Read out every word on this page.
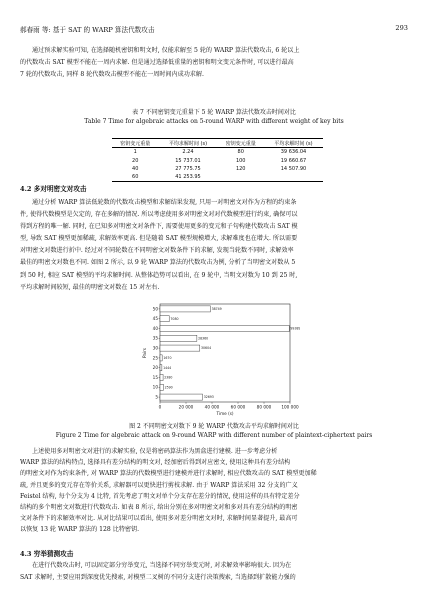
郝春雨 等: 基于 SAT 的 WARP 算法代数攻击	293
通过预求解实验可知, 在选择随机密钥和明文时, 仅能求解至 5 轮的 WARP 算法代数攻击, 6 轮以上
的代数攻击 SAT 模型不能在一周内求解. 但是通过选择低重量的密钥和明文变元条件时, 可以进行最高
7 轮的代数攻击, 同样 8 轮代数攻击模型不能在一周时间内成功求解.
表 7 不同密钥变元重量下 5 轮 WARP 算法代数攻击时间对比
Table 7 Time for algebraic attacks on 5-round WARP with different weight of key bits
密钥变元重量	平均求解时间 (s)	密钥变元重量	平均求解时间 (s)
1	2.24	80	39 636.04
20	15 737.01	100	19 660.67
40	27 775.75	120	14 507.90
60	41 253.95		
4.2 多对明密文对攻击
通过分析 WARP 算法低轮数的代数攻击模型和求解结果发现, 只用一对明密文对作为方程的约束条
件, 使得代数模型是欠定的, 存在多解的情况. 所以考虑使用多对明密文对对代数模型进行约束, 确保可以
得到方程的唯一解. 同时, 在已知多对明密文对条件下, 需要使用更多的变元和子句构建代数攻击 SAT 模
型, 导致 SAT 模型更加稀疏, 求解效率更高. 但是随着 SAT 模型规模增大, 求解难度也在增大. 所以需要
对明密文对数进行折中. 经过对不同轮数在不同明密文对数条件下的求解, 发现当轮数不同时, 求解效率
最佳的明密文对数也不同. 如图 2 所示, 以 9 轮 WARP 算法的代数攻击为例, 分析了当明密文对数从 5
到 50 时, 相应 SAT 模型的平均求解时间. 从整体趋势可以看出, 在 9 轮中, 当明文对数为 10 到 25 时,
平均求解时间较短, 最佳的明密文对数在 15 对左右.
32693
5
2590
10
2380
15
1444
20
1670
25
30604
30
28360
35
99389
40
7080
45
38749
50
0	20 000	40 000	60 000	80 000 100 000
Time (s)
Pairs
图 2 不同明密文对数下 9 轮 WARP 代数攻击平均求解时间对比
Figure 2 Time for algebraic attack on 9-round WARP with different number of plaintext-ciphertext pairs
上述使用多对明密文对进行的求解实验, 仅是将密码算法作为黑盒进行建模. 进一步考虑分析
WARP 算法的结构特点, 选择具有差分结构的明文对, 经加密后得到对应密文, 使用这种具有差分结构
的明密文对作为约束条件, 对 WARP 算法的代数模型进行建模并进行求解时, 相应代数攻击的 SAT 模型更加稀
疏, 并且更多的变元存在等价关系, 求解器可以更快进行剪枝求解. 由于 WARP 算法采用 32 分支的广义
Feistel 结构, 每个分支为 4 比特, 首先考虑了明文对单个分支存在差分的情况, 使用这样的具有特定差分
结构的多个明密文对数进行代数攻击. 如表 8 所示, 给出分别在多对明密文对和多对具有差分结构的明密
文对条件下的求解效率对比. 从对比结果可以看出, 使用多对差分明密文对时, 求解时间显著提升, 最高可
以恢复 13 轮 WARP 算法的 128 比特密钥.
4.3 穷举猜测攻击
在进行代数攻击时, 可以固定部分穷举变元, 当选择不同穷举变元时, 对求解效率影响很大. 因为在
SAT 求解时, 主要应用到深度优先搜索, 对模型二叉树的不同分支进行决策搜索, 当选择到扩散能力强的
